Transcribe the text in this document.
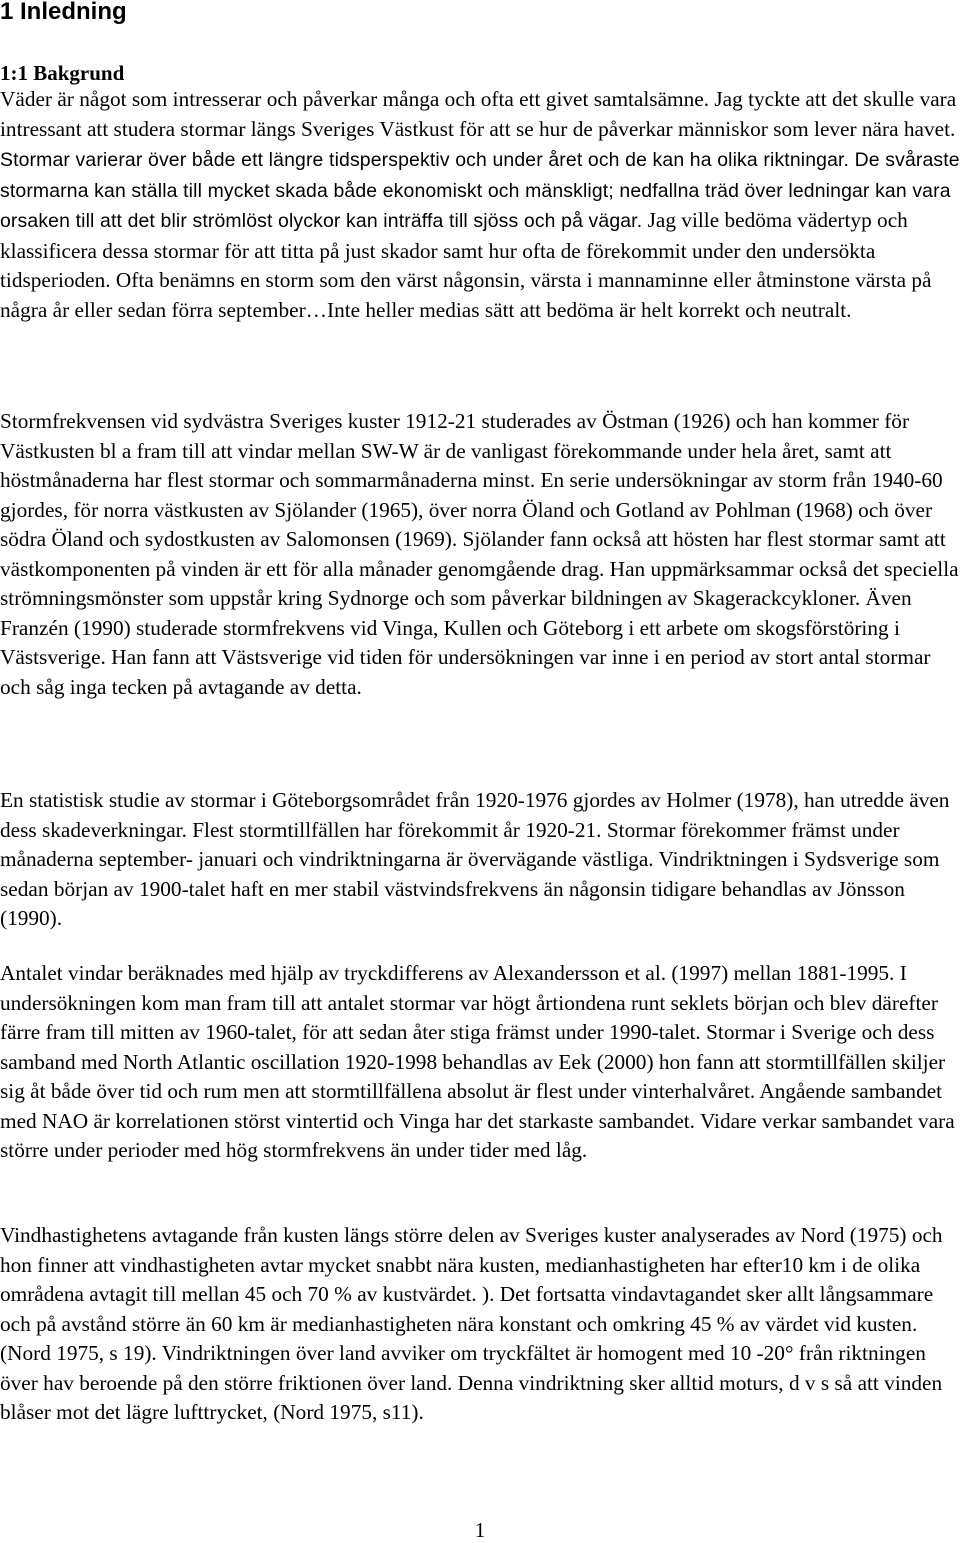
1 Inledning
1:1 Bakgrund

Väder är något som intresserar och påverkar många och ofta ett givet samtalsämne. Jag tyckte att det skulle vara intressant att studera stormar längs Sveriges Västkust för att se hur de påverkar människor som lever nära havet. Stormar varierar över både ett längre tidsperspektiv och under året och de kan ha olika riktningar. De svåraste stormarna kan ställa till mycket skada både ekonomiskt och mänskligt; nedfallna träd över ledningar kan vara orsaken till att det blir strömlöst olyckor kan inträffa till sjöss och på vägar. Jag ville bedöma vädertyp och klassificera dessa stormar för att titta på just skador samt hur ofta de förekommit under den undersökta tidsperioden. Ofta benämns en storm som den värst någonsin, värsta i mannaminne eller åtminstone värsta på några år eller sedan förra september…Inte heller medias sätt att bedöma är helt korrekt och neutralt.

Stormfrekvensen vid sydvästra Sveriges kuster 1912-21 studerades av Östman (1926) och han kommer för Västkusten bl a fram till att vindar mellan SW-W är de vanligast förekommande under hela året, samt att höstmånaderna har flest stormar och sommarmånaderna minst. En serie undersökningar av storm från 1940-60 gjordes, för norra västkusten av Sjölander (1965), över norra Öland och Gotland av Pohlman (1968) och över södra Öland och sydostkusten av Salomonsen (1969). Sjölander fann också att hösten har flest stormar samt att västkomponenten på vinden är ett för alla månader genomgående drag. Han uppmärksammar också det speciella strömningsmönster som uppstår kring Sydnorge och som påverkar bildningen av Skagerackcykloner. Även Franzén (1990) studerade stormfrekvens vid Vinga, Kullen och Göteborg i ett arbete om skogsförstöring i Västsverige. Han fann att Västsverige vid tiden för undersökningen var inne i en period av stort antal stormar och såg inga tecken på avtagande av detta.

En statistisk studie av stormar i Göteborgsområdet från 1920-1976 gjordes av Holmer (1978), han utredde även dess skadeverkningar. Flest stormtillfällen har förekommit år 1920-21. Stormar förekommer främst under månaderna september- januari och vindriktningarna är övervägande västliga. Vindriktningen i Sydsverige som sedan början av 1900-talet haft en mer stabil västvindsfrekvens än någonsin tidigare behandlas av Jönsson (1990).

Antalet vindar beräknades med hjälp av tryckdifferens av Alexandersson et al. (1997) mellan 1881-1995. I undersökningen kom man fram till att antalet stormar var högt årtiondena runt seklets början och blev därefter färre fram till mitten av 1960-talet, för att sedan åter stiga främst under 1990-talet. Stormar i Sverige och dess samband med North Atlantic oscillation 1920-1998 behandlas av Eek (2000) hon fann att stormtillfällen skiljer sig åt både över tid och rum men att stormtillfällena absolut är flest under vinterhalvåret. Angående sambandet med NAO är korrelationen störst vintertid och Vinga har det starkaste sambandet. Vidare verkar sambandet vara större under perioder med hög stormfrekvens än under tider med låg.

Vindhastighetens avtagande från kusten längs större delen av Sveriges kuster analyserades av Nord (1975) och hon finner att vindhastigheten avtar mycket snabbt nära kusten, medianhastigheten har efter10 km i de olika områdena avtagit till mellan 45 och 70 % av kustvärdet. ). Det fortsatta vindavtagandet sker allt långsammare och på avstånd större än 60 km är medianhastigheten nära konstant och omkring 45 % av värdet vid kusten. (Nord 1975, s 19). Vindriktningen över land avviker om tryckfältet är homogent med 10 -20° från riktningen över hav beroende på den större friktionen över land. Denna vindriktning sker alltid moturs, d v s så att vinden blåser mot det lägre lufttrycket, (Nord 1975, s11).

1
